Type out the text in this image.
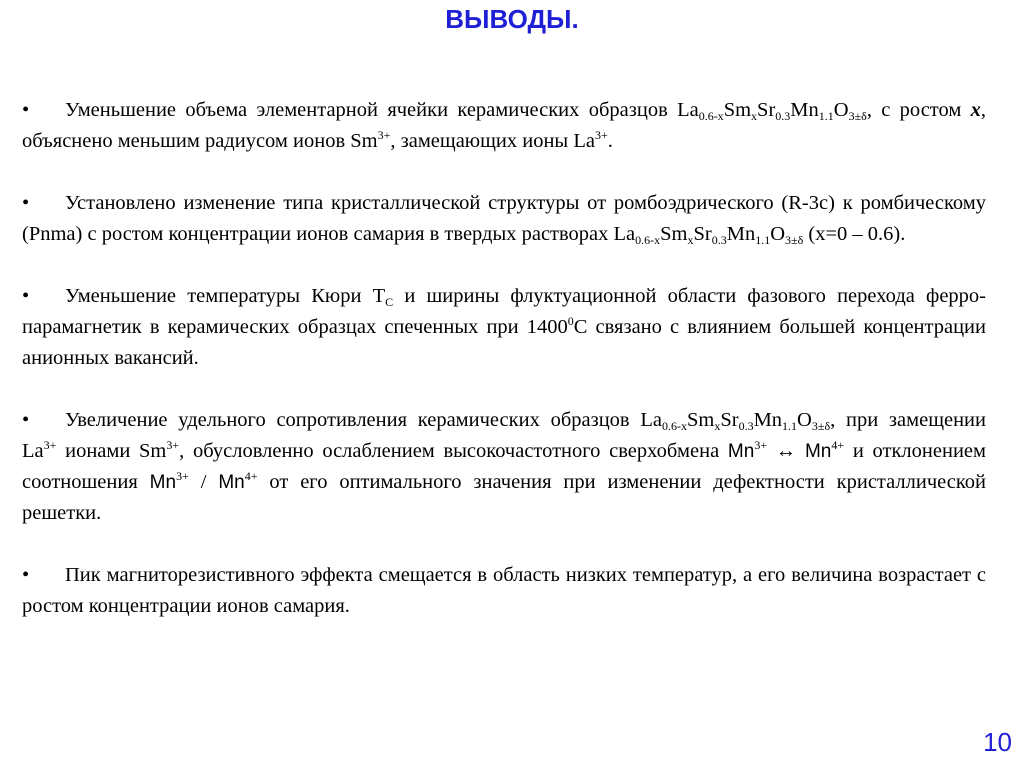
ВЫВОДЫ.

• Уменьшение объема элементарной ячейки керамических образцов $La_{0.6-x}Sm_xSr_{0.3}Mn_{1.1}O_{3\pm\delta}$, с ростом x, объяснено меньшим радиусом ионов $Sm^{3+}$, замещающих ионы $La^{3+}$.

• Установлено изменение типа кристаллической структуры от ромбоэдрического (R-3c) к ромбическому (Pnma) с ростом концентрации ионов самария в твердых растворах $La_{0.6-x}Sm_xSr_{0.3}Mn_{1.1}O_{3\pm\delta}$ (x=0 – 0.6).

• Уменьшение температуры Кюри $T_C$ и ширины флуктуационной области фазового перехода ферро-парамагнетик в керамических образцах спеченных при 1400$^0$С связано с влиянием большей концентрации анионных вакансий.

• Увеличение удельного сопротивления керамических образцов $La_{0.6-x}Sm_xSr_{0.3}Mn_{1.1}O_{3\pm\delta}$, при замещении $La^{3+}$ ионами $Sm^{3+}$, обусловленно ослаблением высокочастотного сверхобмена $Mn^{3+}$ ↔ $Mn^{4+}$ и отклонением соотношения $Mn^{3+} / Mn^{4+}$ от его оптимального значения при изменении дефектности кристаллической решетки.

• Пик магниторезистивного эффекта смещается в область низких температур, а его величина возрастает с ростом концентрации ионов самария.

10
